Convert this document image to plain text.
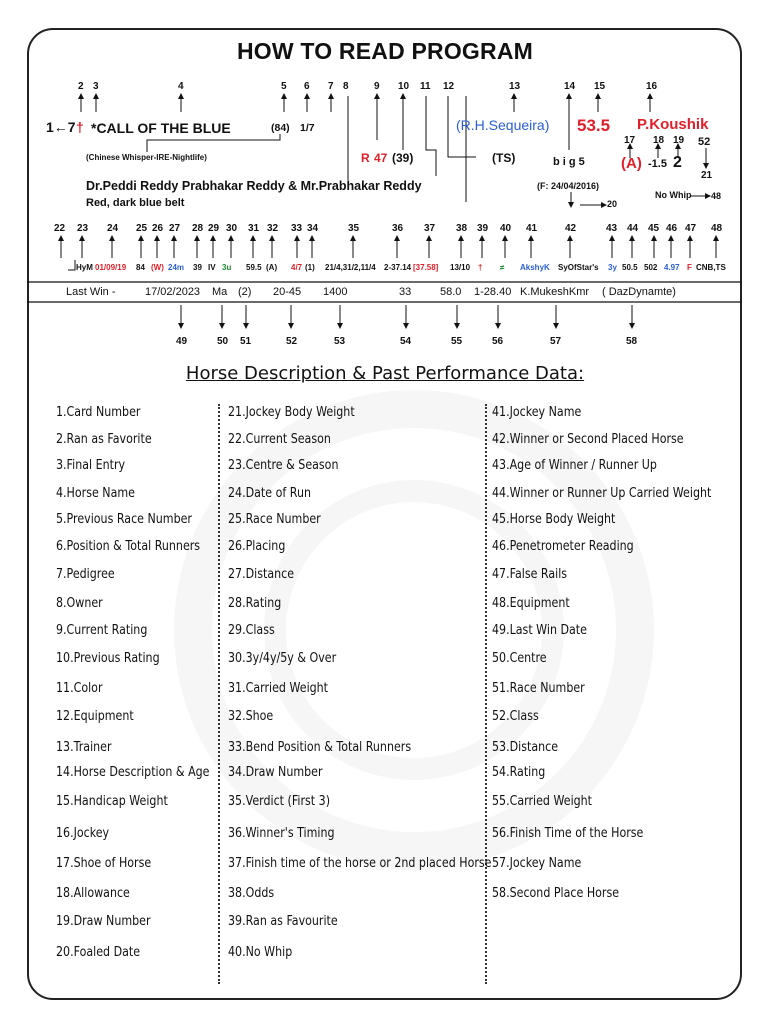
HOW TO READ PROGRAM
2 3	4	5 6 7 8	9 10 11 12	13	14 15	16
1←7 † *CALL OF THE BLUE	(84) 1/7	(R.H.Sequeira) 53.5 P.Koushik
17 18 19 52
(Chinese Whisper-IRE-Nightlife)	R 47 (39)	(TS)	b i g 5 (A) -1.5 2
21
Dr.Peddi Reddy Prabhakar Reddy & Mr.Prabhakar Reddy	(F: 24/04/2016)
No Whip 48
Red, dark blue belt	20
22 23 24 25 26 27 28 29 30 31 32 33 34	35	36 37 38 39 40 41	42	43 44 45 46 47 48
HyM 01/09/19 84 (W) 24m 39 IV 3u 59.5 (A) 4/7 (1) 21/4,31/2,11/4 2-37.14 [37.58] 13/10 † ≠ AkshyK SyOfStar's 3y 50.5 502 4.97 F CNB,TS
Last Win -	17/02/2023 Ma (2) 20-45 1400	33	58.0 1-28.40 K.MukeshKmr ( DazDynamte)
49	50 51	52	53	54	55	56	57	58
Horse Description & Past Performance Data:
1.Card Number
2.Ran as Favorite
3.Final Entry
4.Horse Name
5.Previous Race Number
6.Position & Total Runners
7.Pedigree
8.Owner
9.Current Rating
10.Previous Rating
11.Color
12.Equipment
13.Trainer
14.Horse Description & Age
15.Handicap Weight
16.Jockey
17.Shoe of Horse
18.Allowance
19.Draw Number
20.Foaled Date
21.Jockey Body Weight
22.Current Season
23.Centre & Season
24.Date of Run
25.Race Number
26.Placing
27.Distance
28.Rating
29.Class
30.3y/4y/5y & Over
31.Carried Weight
32.Shoe
33.Bend Position & Total Runners
34.Draw Number
35.Verdict (First 3)
36.Winner's Timing
37.Finish time of the horse or 2nd placed Horse
38.Odds
39.Ran as Favourite
40.No Whip
41.Jockey Name
42.Winner or Second Placed Horse
43.Age of Winner / Runner Up
44.Winner or Runner Up Carried Weight
45.Horse Body Weight
46.Penetrometer Reading
47.False Rails
48.Equipment
49.Last Win Date
50.Centre
51.Race Number
52.Class
53.Distance
54.Rating
55.Carried Weight
56.Finish Time of the Horse
57.Jockey Name
58.Second Place Horse
